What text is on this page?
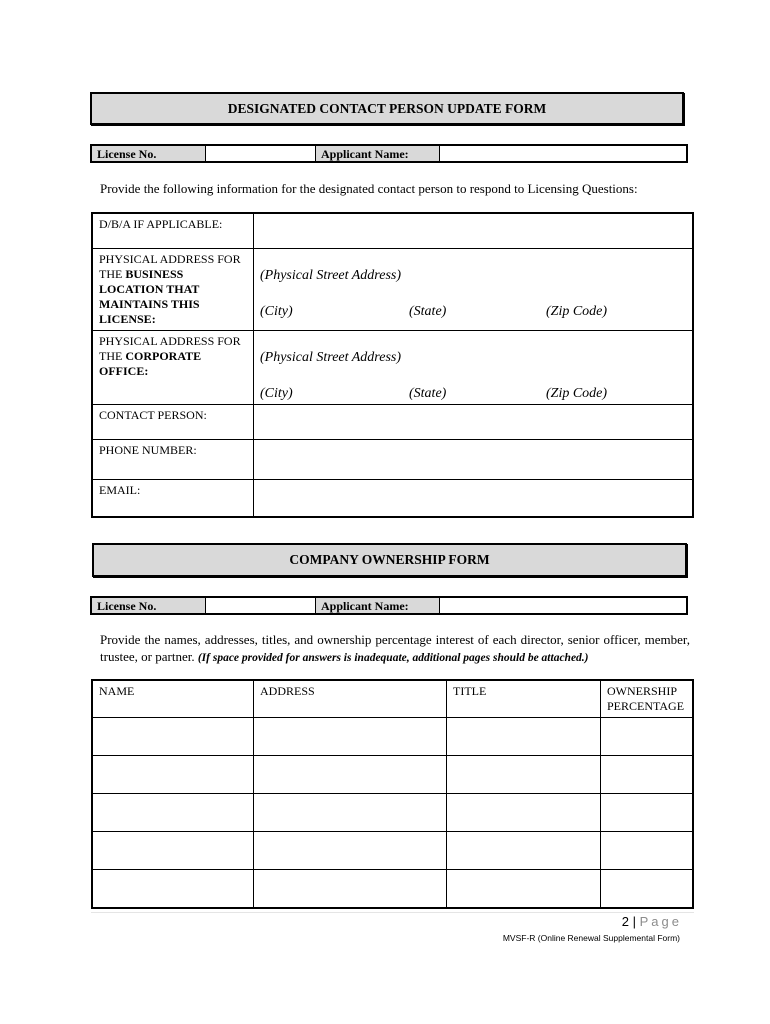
DESIGNATED CONTACT PERSON UPDATE FORM
License No.	Applicant Name:
Provide the following information for the designated contact person to respond to Licensing Questions:
D/B/A IF APPLICABLE:	

PHYSICAL ADDRESS FOR THE BUSINESS LOCATION THAT MAINTAINS THIS LICENSE:	(Physical Street Address)
(City) (State) (Zip Code)

PHYSICAL ADDRESS FOR THE CORPORATE OFFICE:	(Physical Street Address)
(City) (State) (Zip Code)

CONTACT PERSON:	

PHONE NUMBER:	

EMAIL:	

COMPANY OWNERSHIP FORM
License No.	Applicant Name:
Provide the names, addresses, titles, and ownership percentage interest of each director, senior officer, member, trustee, or partner. (If space provided for answers is inadequate, additional pages should be attached.)
NAME	ADDRESS	TITLE	OWNERSHIP PERCENTAGE

2 | Page
MVSF-R (Online Renewal Supplemental Form)
